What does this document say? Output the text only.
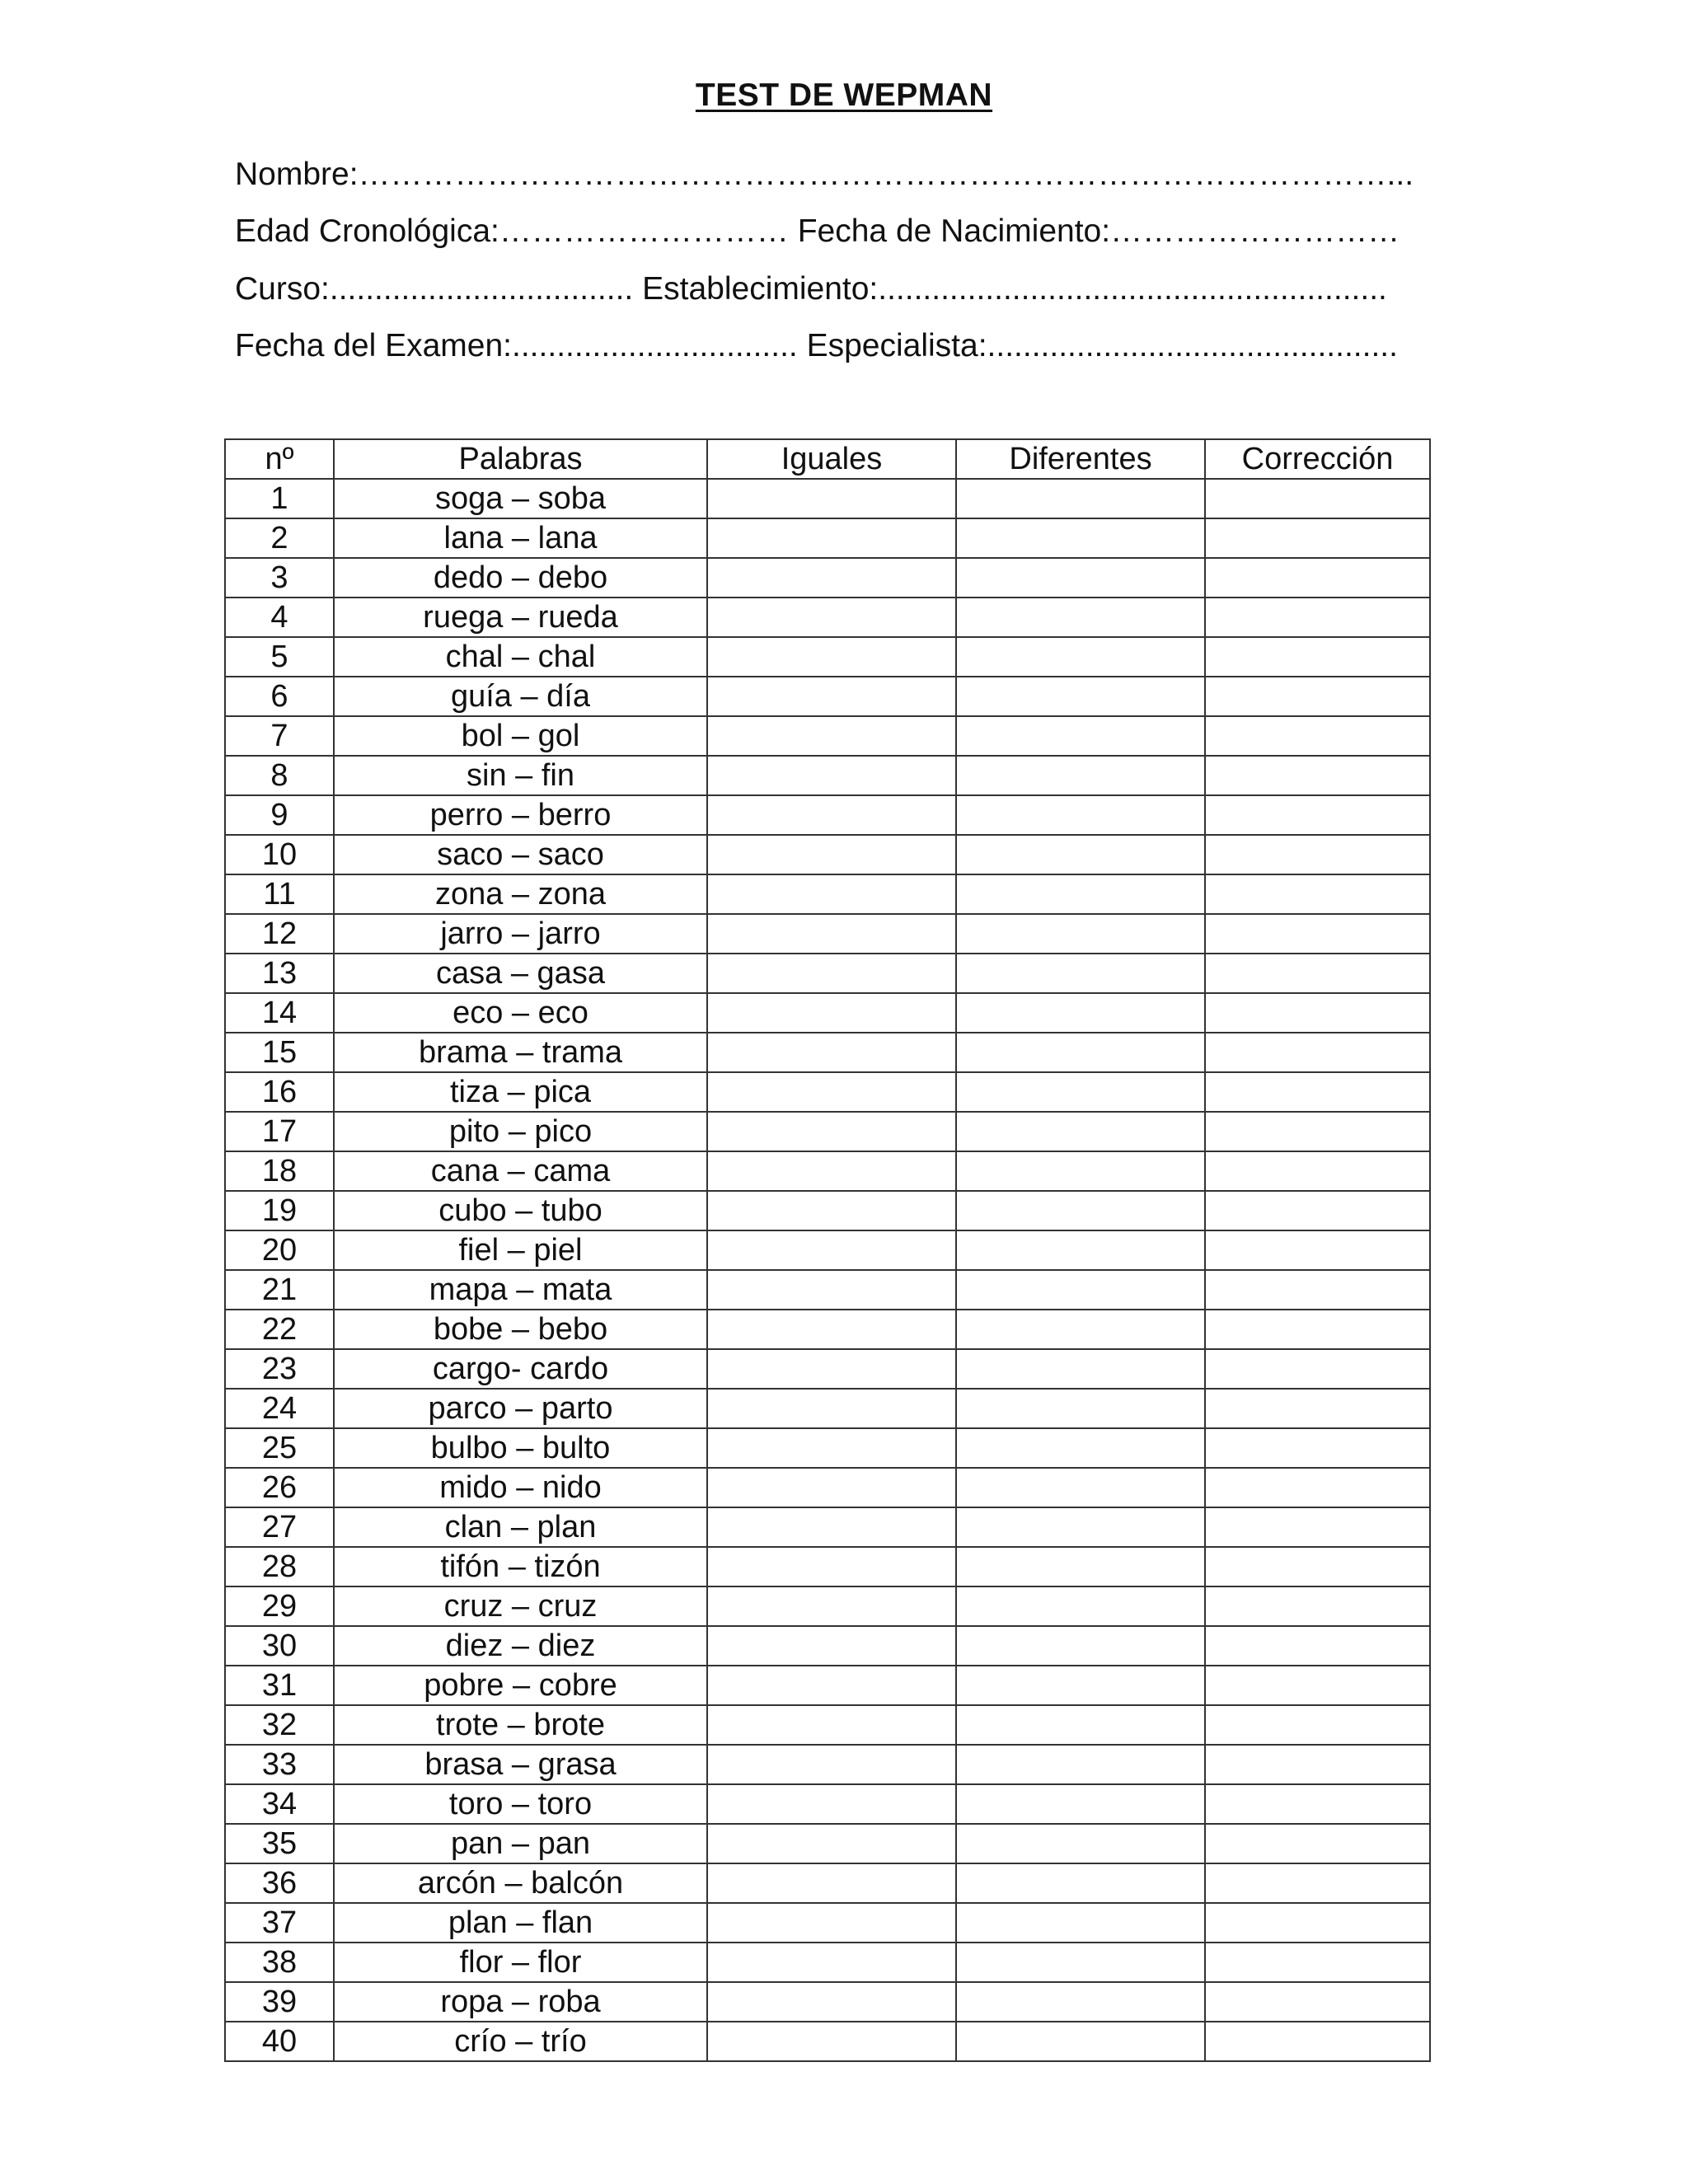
TEST DE WEPMAN
Nombre:……………………………………………………………………………………...
Edad Cronológica:……………………… Fecha de Nacimiento:………………………
Curso:.................................. Establecimiento:.........................................................
Fecha del Examen:................................ Especialista:..............................................
nº	Palabras	Iguales	Diferentes	Corrección
1	soga – soba			
2	lana – lana			
3	dedo – debo			
4	ruega – rueda			
5	chal – chal			
6	guía – día			
7	bol – gol			
8	sin – fin			
9	perro – berro			
10	saco – saco			
11	zona – zona			
12	jarro – jarro			
13	casa – gasa			
14	eco – eco			
15	brama – trama			
16	tiza – pica			
17	pito – pico			
18	cana – cama			
19	cubo – tubo			
20	fiel – piel			
21	mapa – mata			
22	bobe – bebo			
23	cargo- cardo			
24	parco – parto			
25	bulbo – bulto			
26	mido – nido			
27	clan – plan			
28	tifón – tizón			
29	cruz – cruz			
30	diez – diez			
31	pobre – cobre			
32	trote – brote			
33	brasa – grasa			
34	toro – toro			
35	pan – pan			
36	arcón – balcón			
37	plan – flan			
38	flor – flor			
39	ropa – roba			
40	crío – trío			
